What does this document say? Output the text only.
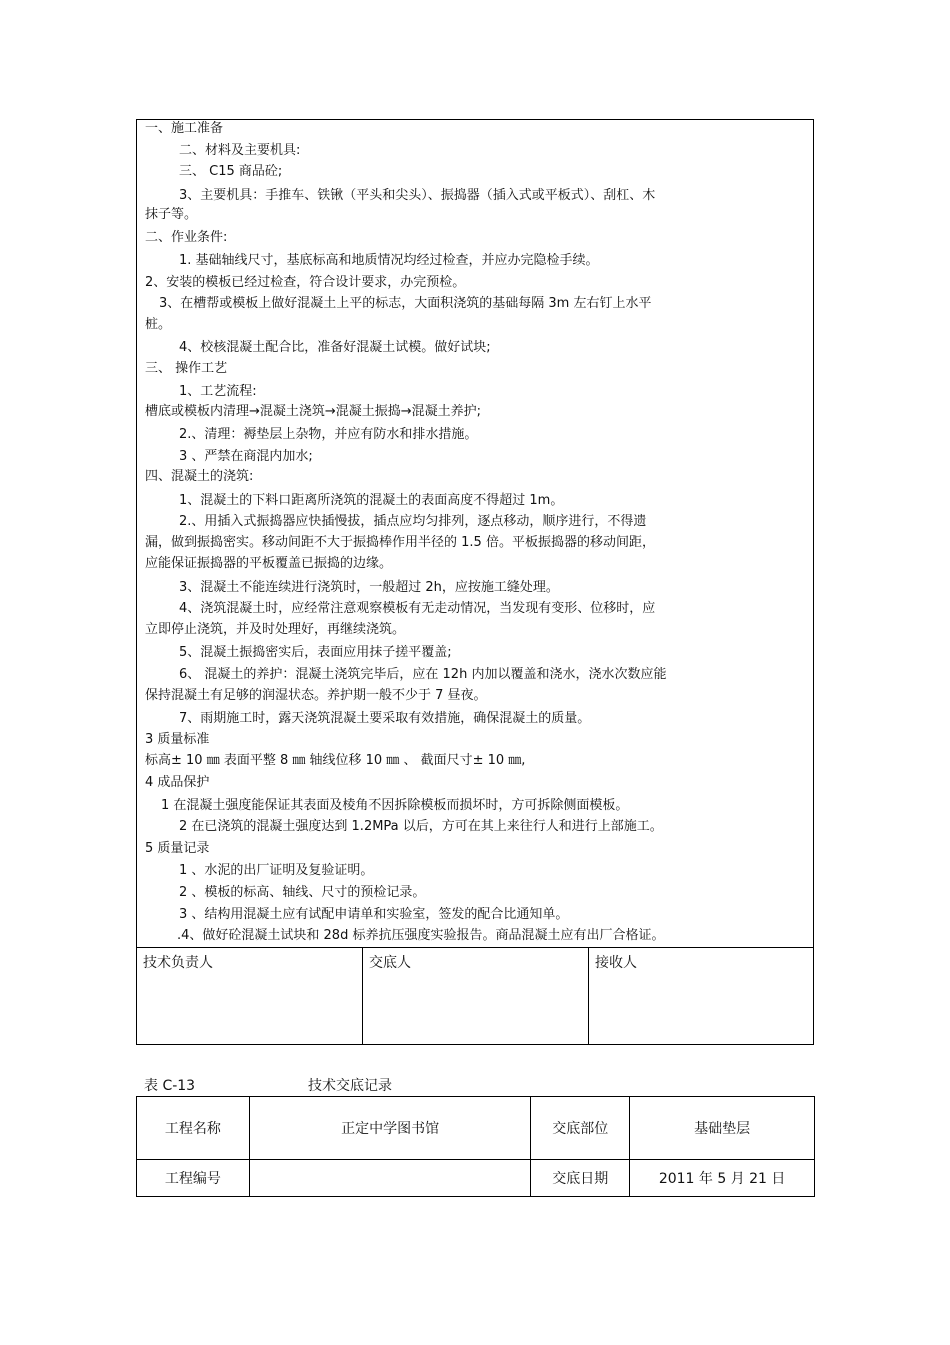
一、施工准备
二、材料及主要机具:
三、 C15 商品砼;
3、主要机具：手推车、铁锹（平头和尖头）、振捣器（插入式或平板式）、刮杠、木
抹子等。
二、作业条件:
1. 基础轴线尺寸，基底标高和地质情况均经过检查，并应办完隐检手续。
2、安装的模板已经过检查，符合设计要求，办完预检。
3、在槽帮或模板上做好混凝土上平的标志，大面积浇筑的基础每隔 3m 左右钉上水平
桩。
4、校核混凝土配合比，准备好混凝土试模。做好试块;
三、 操作工艺
1、工艺流程:
槽底或模板内清理→混凝土浇筑→混凝土振捣→混凝土养护;
2.、清理：褥垫层上杂物，并应有防水和排水措施。
3 、严禁在商混内加水;
四、混凝土的浇筑:
1、混凝土的下料口距离所浇筑的混凝土的表面高度不得超过 1m。
2.、用插入式振捣器应快插慢拔，插点应均匀排列，逐点移动，顺序进行，不得遗
漏，做到振捣密实。移动间距不大于振捣棒作用半径的 1.5 倍。平板振捣器的移动间距，
应能保证振捣器的平板覆盖已振捣的边缘。
3、混凝土不能连续进行浇筑时，一般超过 2h，应按施工缝处理。
4、浇筑混凝土时，应经常注意观察模板有无走动情况，当发现有变形、位移时，应
立即停止浇筑，并及时处理好，再继续浇筑。
5、混凝土振捣密实后，表面应用抹子搓平覆盖;
6、 混凝土的养护：混凝土浇筑完毕后，应在 12h 内加以覆盖和浇水，浇水次数应能
保持混凝土有足够的润湿状态。养护期一般不少于 7 昼夜。
7、雨期施工时，露天浇筑混凝土要采取有效措施，确保混凝土的质量。
3 质量标准
标高± 10 ㎜ 表面平整 8 ㎜ 轴线位移 10 ㎜ 、 截面尺寸± 10 ㎜,
4 成品保护
1 在混凝土强度能保证其表面及棱角不因拆除模板而损坏时，方可拆除侧面模板。
2 在已浇筑的混凝土强度达到 1.2MPa 以后，方可在其上来往行人和进行上部施工。
5 质量记录
1 、水泥的出厂证明及复验证明。
2 、模板的标高、轴线、尺寸的预检记录。
3 、结构用混凝土应有试配申请单和实验室，签发的配合比通知单。
.4、做好砼混凝土试块和 28d 标养抗压强度实验报告。商品混凝土应有出厂合格证。
技术负责人	交底人	接收人
表 C-13	技术交底记录
工程名称	正定中学图书馆	交底部位	基础垫层
工程编号		交底日期	2011 年 5 月 21 日
